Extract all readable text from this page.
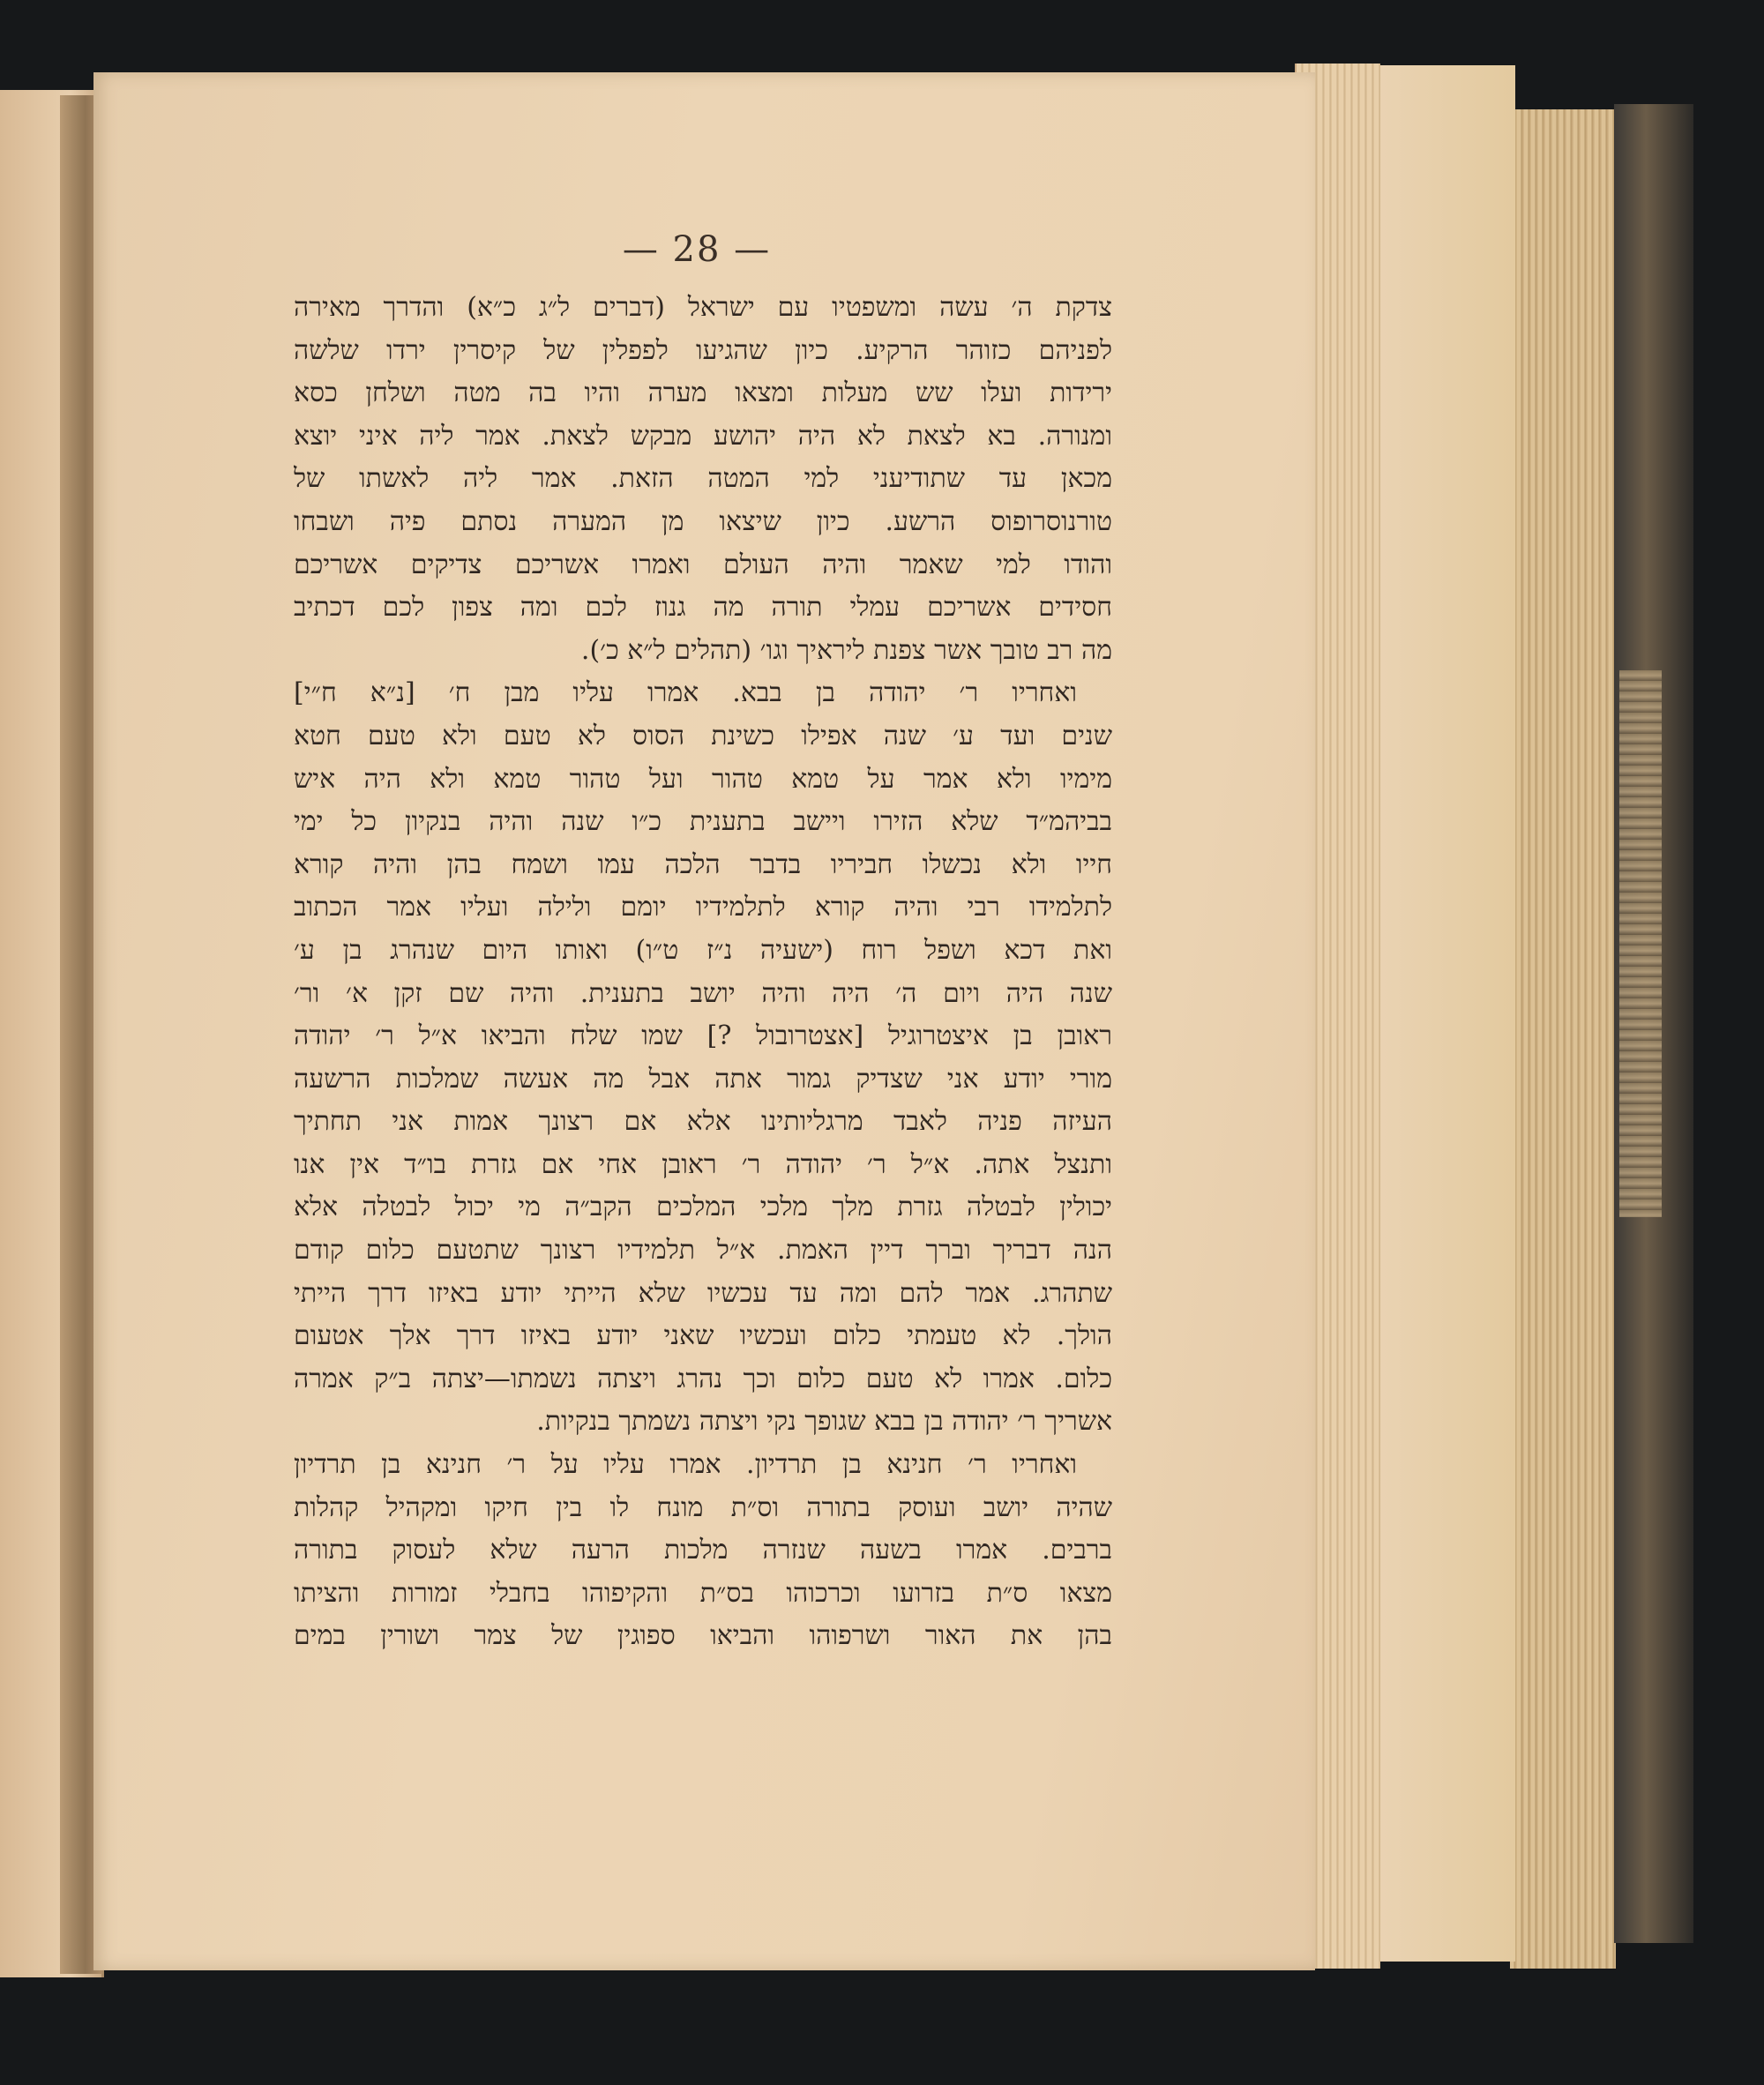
— 28 —
צדקת ה׳ עשה ומשפטיו עם ישראל (דברים ל״ג כ״א) והדרך מאירה
לפניהם כזוהר הרקיע. כיון שהגיעו לפפלין של קיסרין ירדו שלשה
ירידות ועלו שש מעלות ומצאו מערה והיו בה מטה ושלחן כסא
ומנורה. בא לצאת לא היה יהושע מבקש לצאת. אמר ליה איני יוצא
מכאן עד שתודיעני למי המטה הזאת. אמר ליה לאשתו של
טורנוסרופוס הרשע. כיון שיצאו מן המערה נסתם פיה ושבחו
והודו למי שאמר והיה העולם ואמרו אשריכם צדיקים אשריכם
חסידים אשריכם עמלי תורה מה גנוז לכם ומה צפון לכם דכתיב
מה רב טובך אשר צפנת ליראיך וגו׳ (תהלים ל״א כ׳).
ואחריו ר׳ יהודה בן בבא. אמרו עליו מבן ח׳ [נ״א ח״י]
שנים ועד ע׳ שנה אפילו כשינת הסוס לא טעם ולא טעם חטא
מימיו ולא אמר על טמא טהור ועל טהור טמא ולא היה איש
בביהמ״ד שלא הזירו ויישב בתענית כ״ו שנה והיה בנקיון כל ימי
חייו ולא נכשלו חביריו בדבר הלכה עמו ושמח בהן והיה קורא
לתלמידו רבי והיה קורא לתלמידיו יומם ולילה ועליו אמר הכתוב
ואת דכא ושפל רוח (ישעיה נ״ז ט״ו) ואותו היום שנהרג בן ע׳
שנה היה ויום ה׳ היה והיה יושב בתענית. והיה שם זקן א׳ ור׳
ראובן בן איצטרוגיל [אצטרובול ?] שמו שלח והביאו א״ל ר׳ יהודה
מורי יודע אני שצדיק גמור אתה אבל מה אעשה שמלכות הרשעה
העיזה פניה לאבד מרגליותינו אלא אם רצונך אמות אני תחתיך
ותנצל אתה. א״ל ר׳ יהודה ר׳ ראובן אחי אם גזרת בו״ד אין אנו
יכולין לבטלה גזרת מלך מלכי המלכים הקב״ה מי יכול לבטלה אלא
הנה דבריך וברך דיין האמת. א״ל תלמידיו רצונך שתטעם כלום קודם
שתהרג. אמר להם ומה עד עכשיו שלא הייתי יודע באיזו דרך הייתי
הולך. לא טעמתי כלום ועכשיו שאני יודע באיזו דרך אלך אטעום
כלום. אמרו לא טעם כלום וכך נהרג ויצתה נשמתו—יצתה ב״ק אמרה
אשריך ר׳ יהודה בן בבא שגופך נקי ויצתה נשמתך בנקיות.
ואחריו ר׳ חנינא בן תרדיון. אמרו עליו על ר׳ חנינא בן תרדיון
שהיה יושב ועוסק בתורה וס״ת מונח לו בין חיקו ומקהיל קהלות
ברבים. אמרו בשעה שנזרה מלכות הרעה שלא לעסוק בתורה
מצאו ס״ת בזרועו וכרכוהו בס״ת והקיפוהו בחבלי זמורות והציתו
בהן את האור ושרפוהו והביאו ספוגין של צמר ושורין במים
